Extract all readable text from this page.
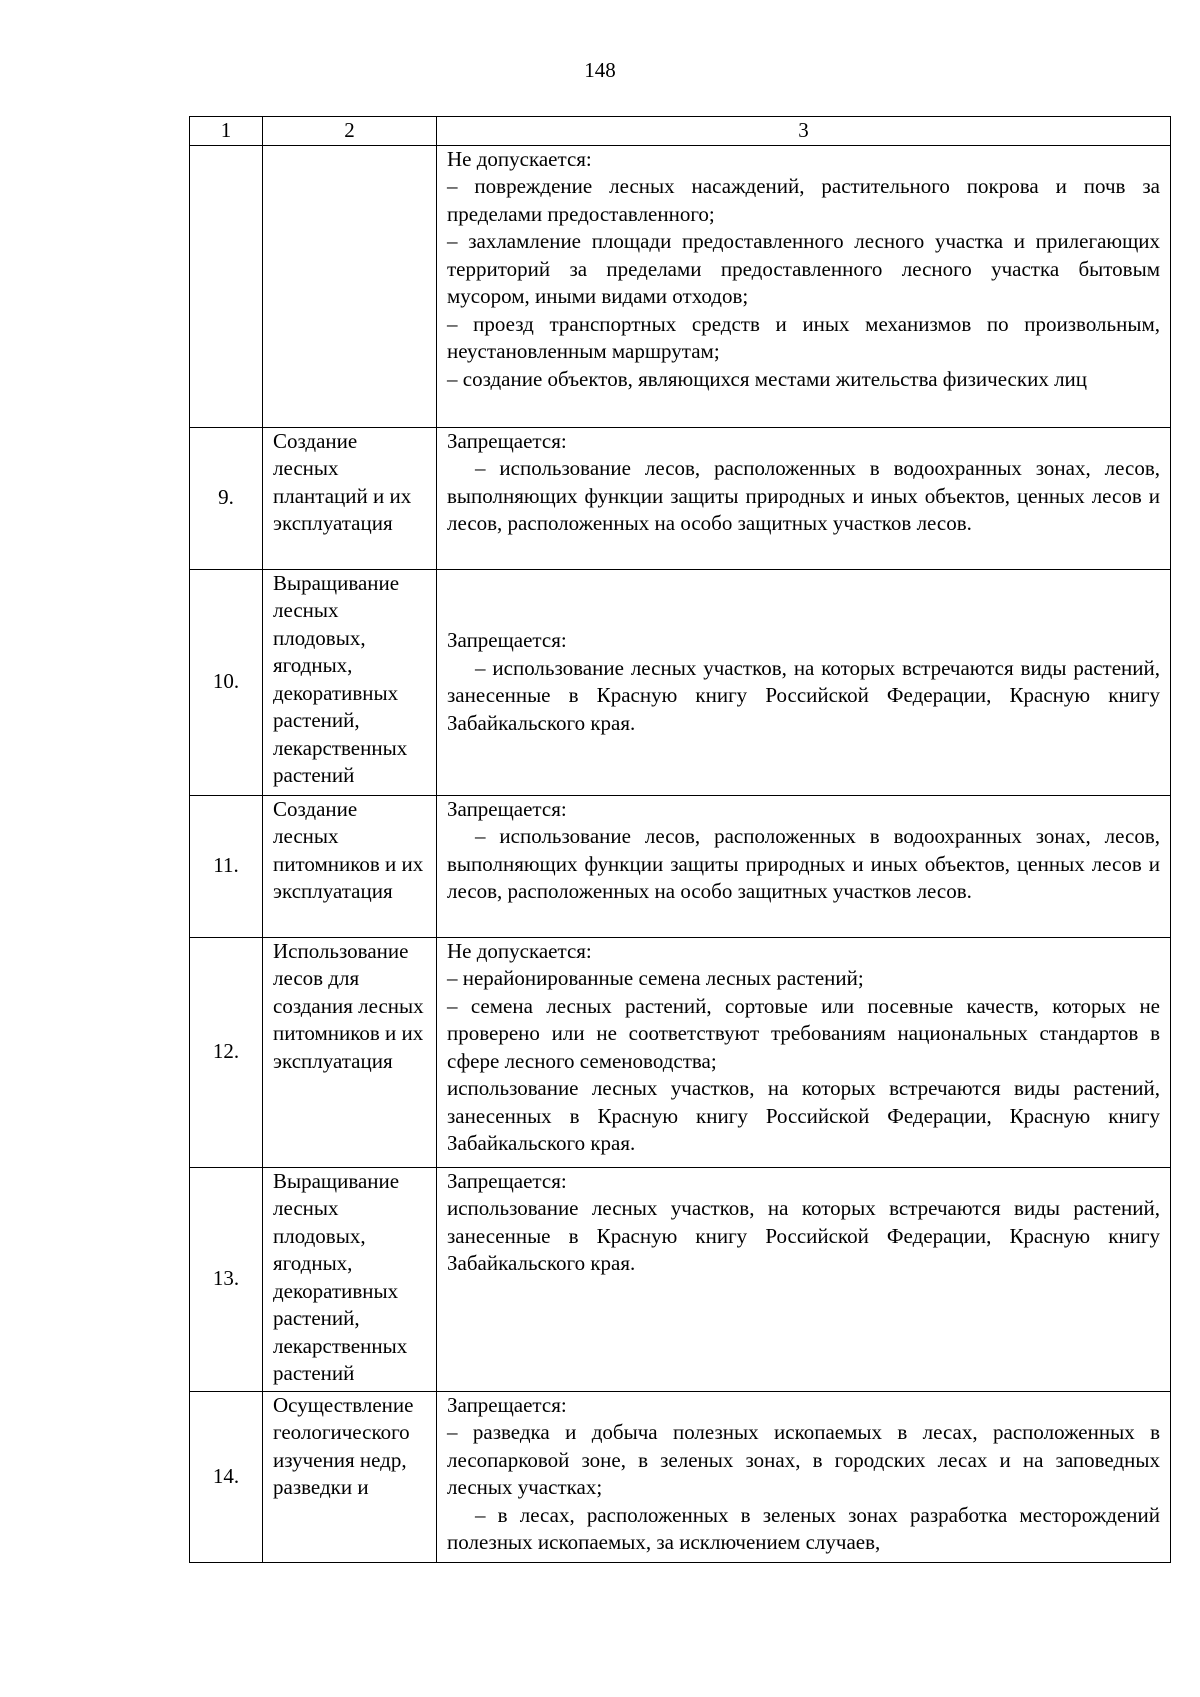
148
1	2	3

		Не допускается:
– повреждение лесных насаждений, растительного покрова и почв за пределами предоставленного;
– захламление площади предоставленного лесного участка и прилегающих территорий за пределами предоставленного лесного участка бытовым мусором, иными видами отходов;
– проезд транспортных средств и иных механизмов по произвольным, неустановленным маршрутам;
– создание объектов, являющихся местами жительства физических лиц

9.	Создание лесных плантаций и их эксплуатация	Запрещается:
– использование лесов, расположенных в водоохранных зонах, лесов, выполняющих функции защиты природных и иных объектов, ценных лесов и лесов, расположенных на особо защитных участков лесов.

10.	Выращивание лесных плодовых, ягодных, декоративных растений, лекарственных растений	Запрещается:
– использование лесных участков, на которых встречаются виды растений, занесенные в Красную книгу Российской Федерации, Красную книгу Забайкальского края.

11.	Создание лесных питомников и их эксплуатация	Запрещается:
– использование лесов, расположенных в водоохранных зонах, лесов, выполняющих функции защиты природных и иных объектов, ценных лесов и лесов, расположенных на особо защитных участков лесов.

12.	Использование лесов для создания лесных питомников и их эксплуатация	Не допускается:
– нерайонированные семена лесных растений;
– семена лесных растений, сортовые или посевные качеств, которых не проверено или не соответствуют требованиям национальных стандартов в сфере лесного семеноводства;
использование лесных участков, на которых встречаются виды растений, занесенных в Красную книгу Российской Федерации, Красную книгу Забайкальского края.

13.	Выращивание лесных плодовых, ягодных, декоративных растений, лекарственных растений	Запрещается:
использование лесных участков, на которых встречаются виды растений, занесенные в Красную книгу Российской Федерации, Красную книгу Забайкальского края.

14.	Осуществление геологического изучения недр, разведки и	Запрещается:
– разведка и добыча полезных ископаемых в лесах, расположенных в лесопарковой зоне, в зеленых зонах, в городских лесах и на заповедных лесных участках;
– в лесах, расположенных в зеленых зонах разработка месторождений полезных ископаемых, за исключением случаев,
